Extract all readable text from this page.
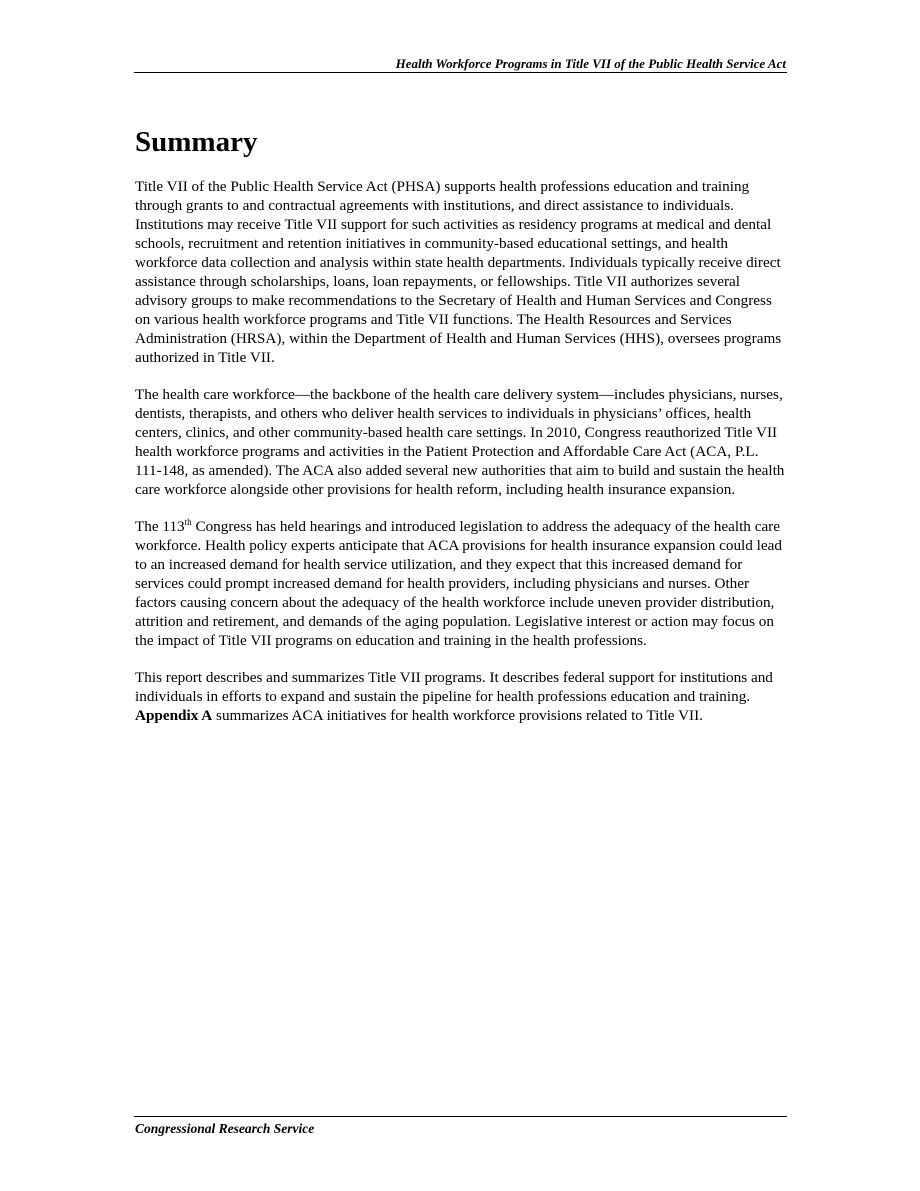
Health Workforce Programs in Title VII of the Public Health Service Act
Summary

Title VII of the Public Health Service Act (PHSA) supports health professions education and training through grants to and contractual agreements with institutions, and direct assistance to individuals. Institutions may receive Title VII support for such activities as residency programs at medical and dental schools, recruitment and retention initiatives in community-based educational settings, and health workforce data collection and analysis within state health departments. Individuals typically receive direct assistance through scholarships, loans, loan repayments, or fellowships. Title VII authorizes several advisory groups to make recommendations to the Secretary of Health and Human Services and Congress on various health workforce programs and Title VII functions. The Health Resources and Services Administration (HRSA), within the Department of Health and Human Services (HHS), oversees programs authorized in Title VII.

The health care workforce—the backbone of the health care delivery system—includes physicians, nurses, dentists, therapists, and others who deliver health services to individuals in physicians’ offices, health centers, clinics, and other community-based health care settings. In 2010, Congress reauthorized Title VII health workforce programs and activities in the Patient Protection and Affordable Care Act (ACA, P.L. 111-148, as amended). The ACA also added several new authorities that aim to build and sustain the health care workforce alongside other provisions for health reform, including health insurance expansion.

The 113th Congress has held hearings and introduced legislation to address the adequacy of the health care workforce. Health policy experts anticipate that ACA provisions for health insurance expansion could lead to an increased demand for health service utilization, and they expect that this increased demand for services could prompt increased demand for health providers, including physicians and nurses. Other factors causing concern about the adequacy of the health workforce include uneven provider distribution, attrition and retirement, and demands of the aging population. Legislative interest or action may focus on the impact of Title VII programs on education and training in the health professions.

This report describes and summarizes Title VII programs. It describes federal support for institutions and individuals in efforts to expand and sustain the pipeline for health professions education and training. Appendix A summarizes ACA initiatives for health workforce provisions related to Title VII.

Congressional Research Service
